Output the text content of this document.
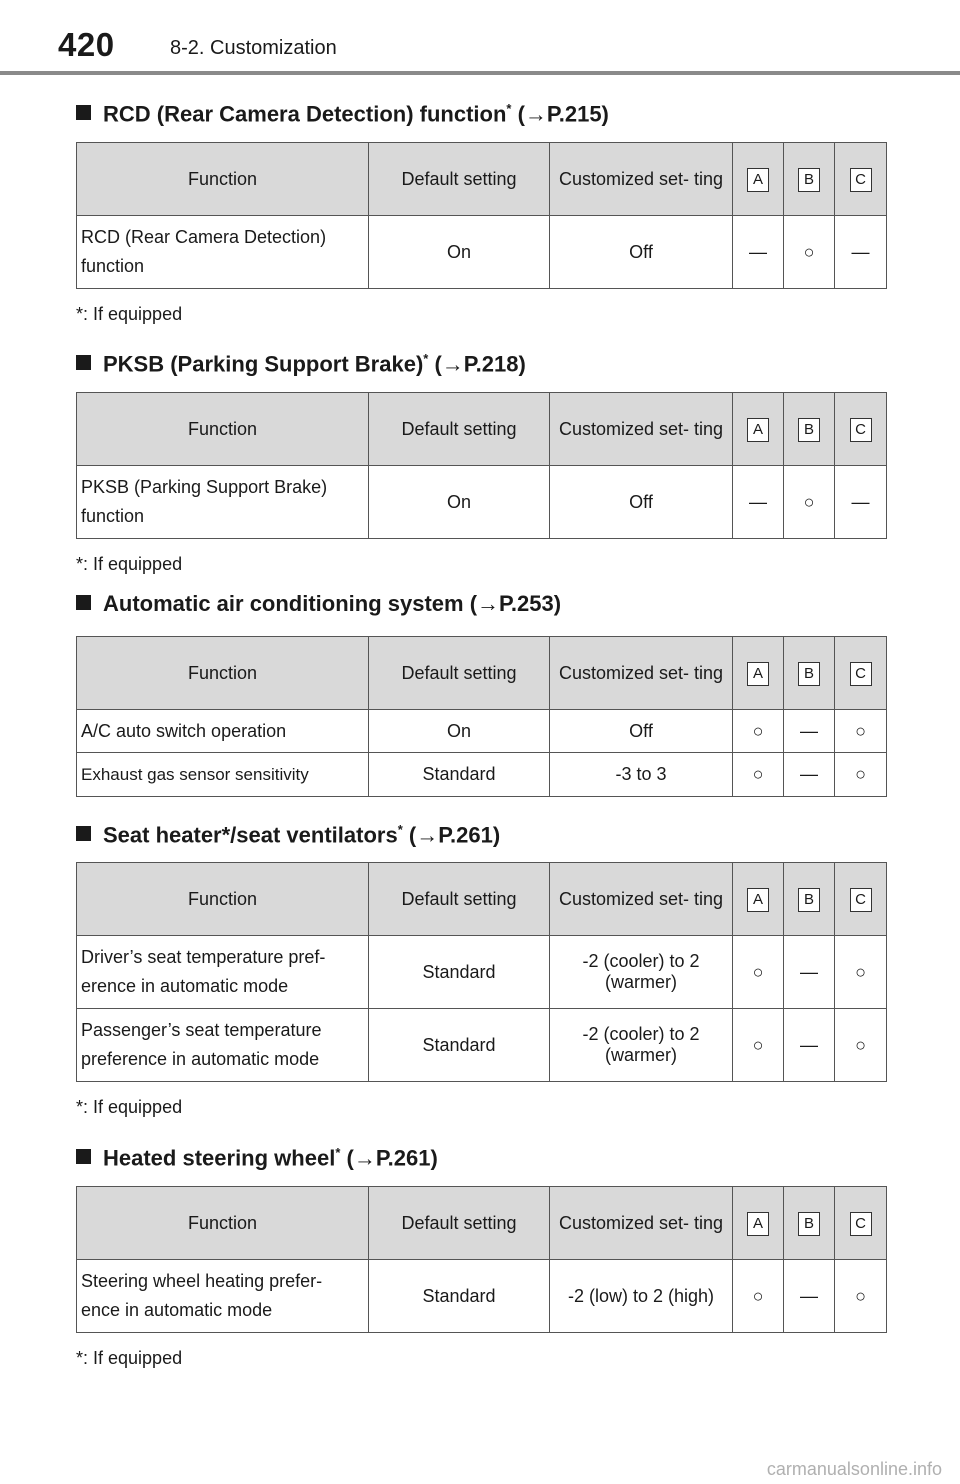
420	8-2. Customization
RCD (Rear Camera Detection) function* (→P.215)
Function	Default setting	Customized set- ting	A	B	C
RCD (Rear Camera Detection) function	On	Off	—	○	—
*: If equipped
PKSB (Parking Support Brake)* (→P.218)
Function	Default setting	Customized set- ting	A	B	C
PKSB (Parking Support Brake) function	On	Off	—	○	—
*: If equipped
Automatic air conditioning system (→P.253)
Function	Default setting	Customized set- ting	A	B	C
A/C auto switch operation	On	Off	○	—	○
Exhaust gas sensor sensitivity	Standard	-3 to 3	○	—	○
Seat heater*/seat ventilators* (→P.261)
Function	Default setting	Customized set- ting	A	B	C
Driver’s seat temperature pref- erence in automatic mode	Standard	-2 (cooler) to 2 (warmer)	○	—	○
Passenger’s seat temperature preference in automatic mode	Standard	-2 (cooler) to 2 (warmer)	○	—	○
*: If equipped
Heated steering wheel* (→P.261)
Function	Default setting	Customized set- ting	A	B	C
Steering wheel heating prefer- ence in automatic mode	Standard	-2 (low) to 2 (high)	○	—	○
*: If equipped
carmanualsonline.info
